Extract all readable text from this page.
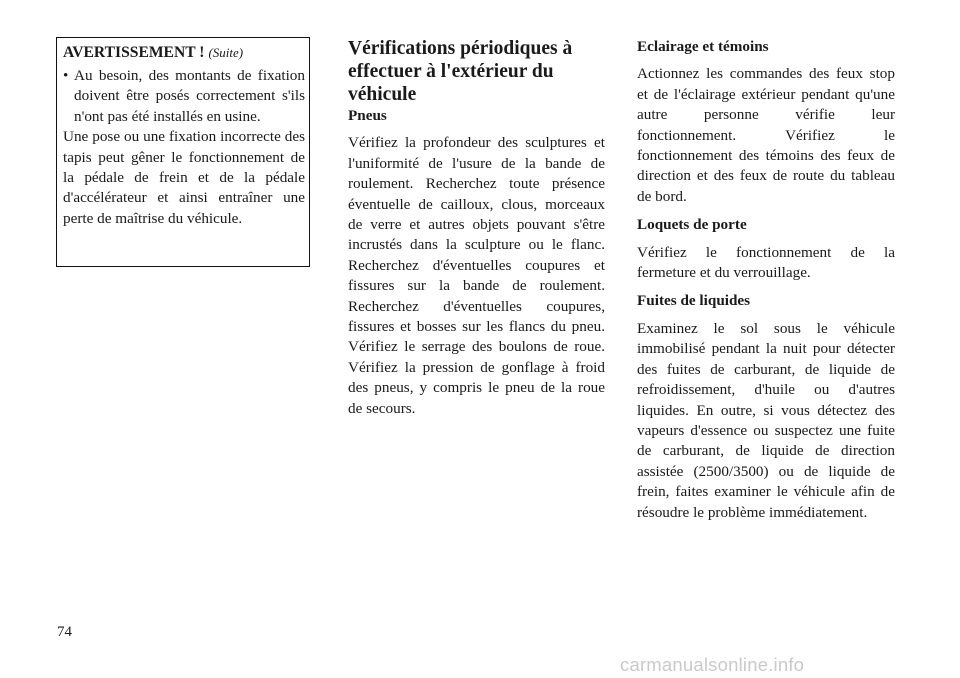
AVERTISSEMENT ! (Suite)
• Au besoin, des montants de fixation doivent être posés correctement s'ils n'ont pas été installés en usine.

Une pose ou une fixation incorrecte des tapis peut gêner le fonctionnement de la pédale de frein et de la pédale d'accélérateur et ainsi entraîner une perte de maîtrise du véhicule.

Vérifications périodiques à effectuer à l'extérieur du véhicule

Pneus

Vérifiez la profondeur des sculptures et l'uniformité de l'usure de la bande de roulement. Recherchez toute présence éventuelle de cailloux, clous, morceaux de verre et autres objets pouvant s'être incrustés dans la sculpture ou le flanc. Recherchez d'éventuelles coupures et fissures sur la bande de roulement. Recherchez d'éventuelles coupures, fissures et bosses sur les flancs du pneu. Vérifiez le serrage des boulons de roue. Vérifiez la pression de gonflage à froid des pneus, y compris le pneu de la roue de secours.

Eclairage et témoins

Actionnez les commandes des feux stop et de l'éclairage extérieur pendant qu'une autre personne vérifie leur fonctionnement. Vérifiez le fonctionnement des témoins des feux de direction et des feux de route du tableau de bord.

Loquets de porte

Vérifiez le fonctionnement de la fermeture et du verrouillage.

Fuites de liquides

Examinez le sol sous le véhicule immobilisé pendant la nuit pour détecter des fuites de carburant, de liquide de refroidissement, d'huile ou d'autres liquides. En outre, si vous détectez des vapeurs d'essence ou suspectez une fuite de carburant, de liquide de direction assistée (2500/3500) ou de liquide de frein, faites examiner le véhicule afin de résoudre le problème immédiatement.

74
carmanualsonline.info
